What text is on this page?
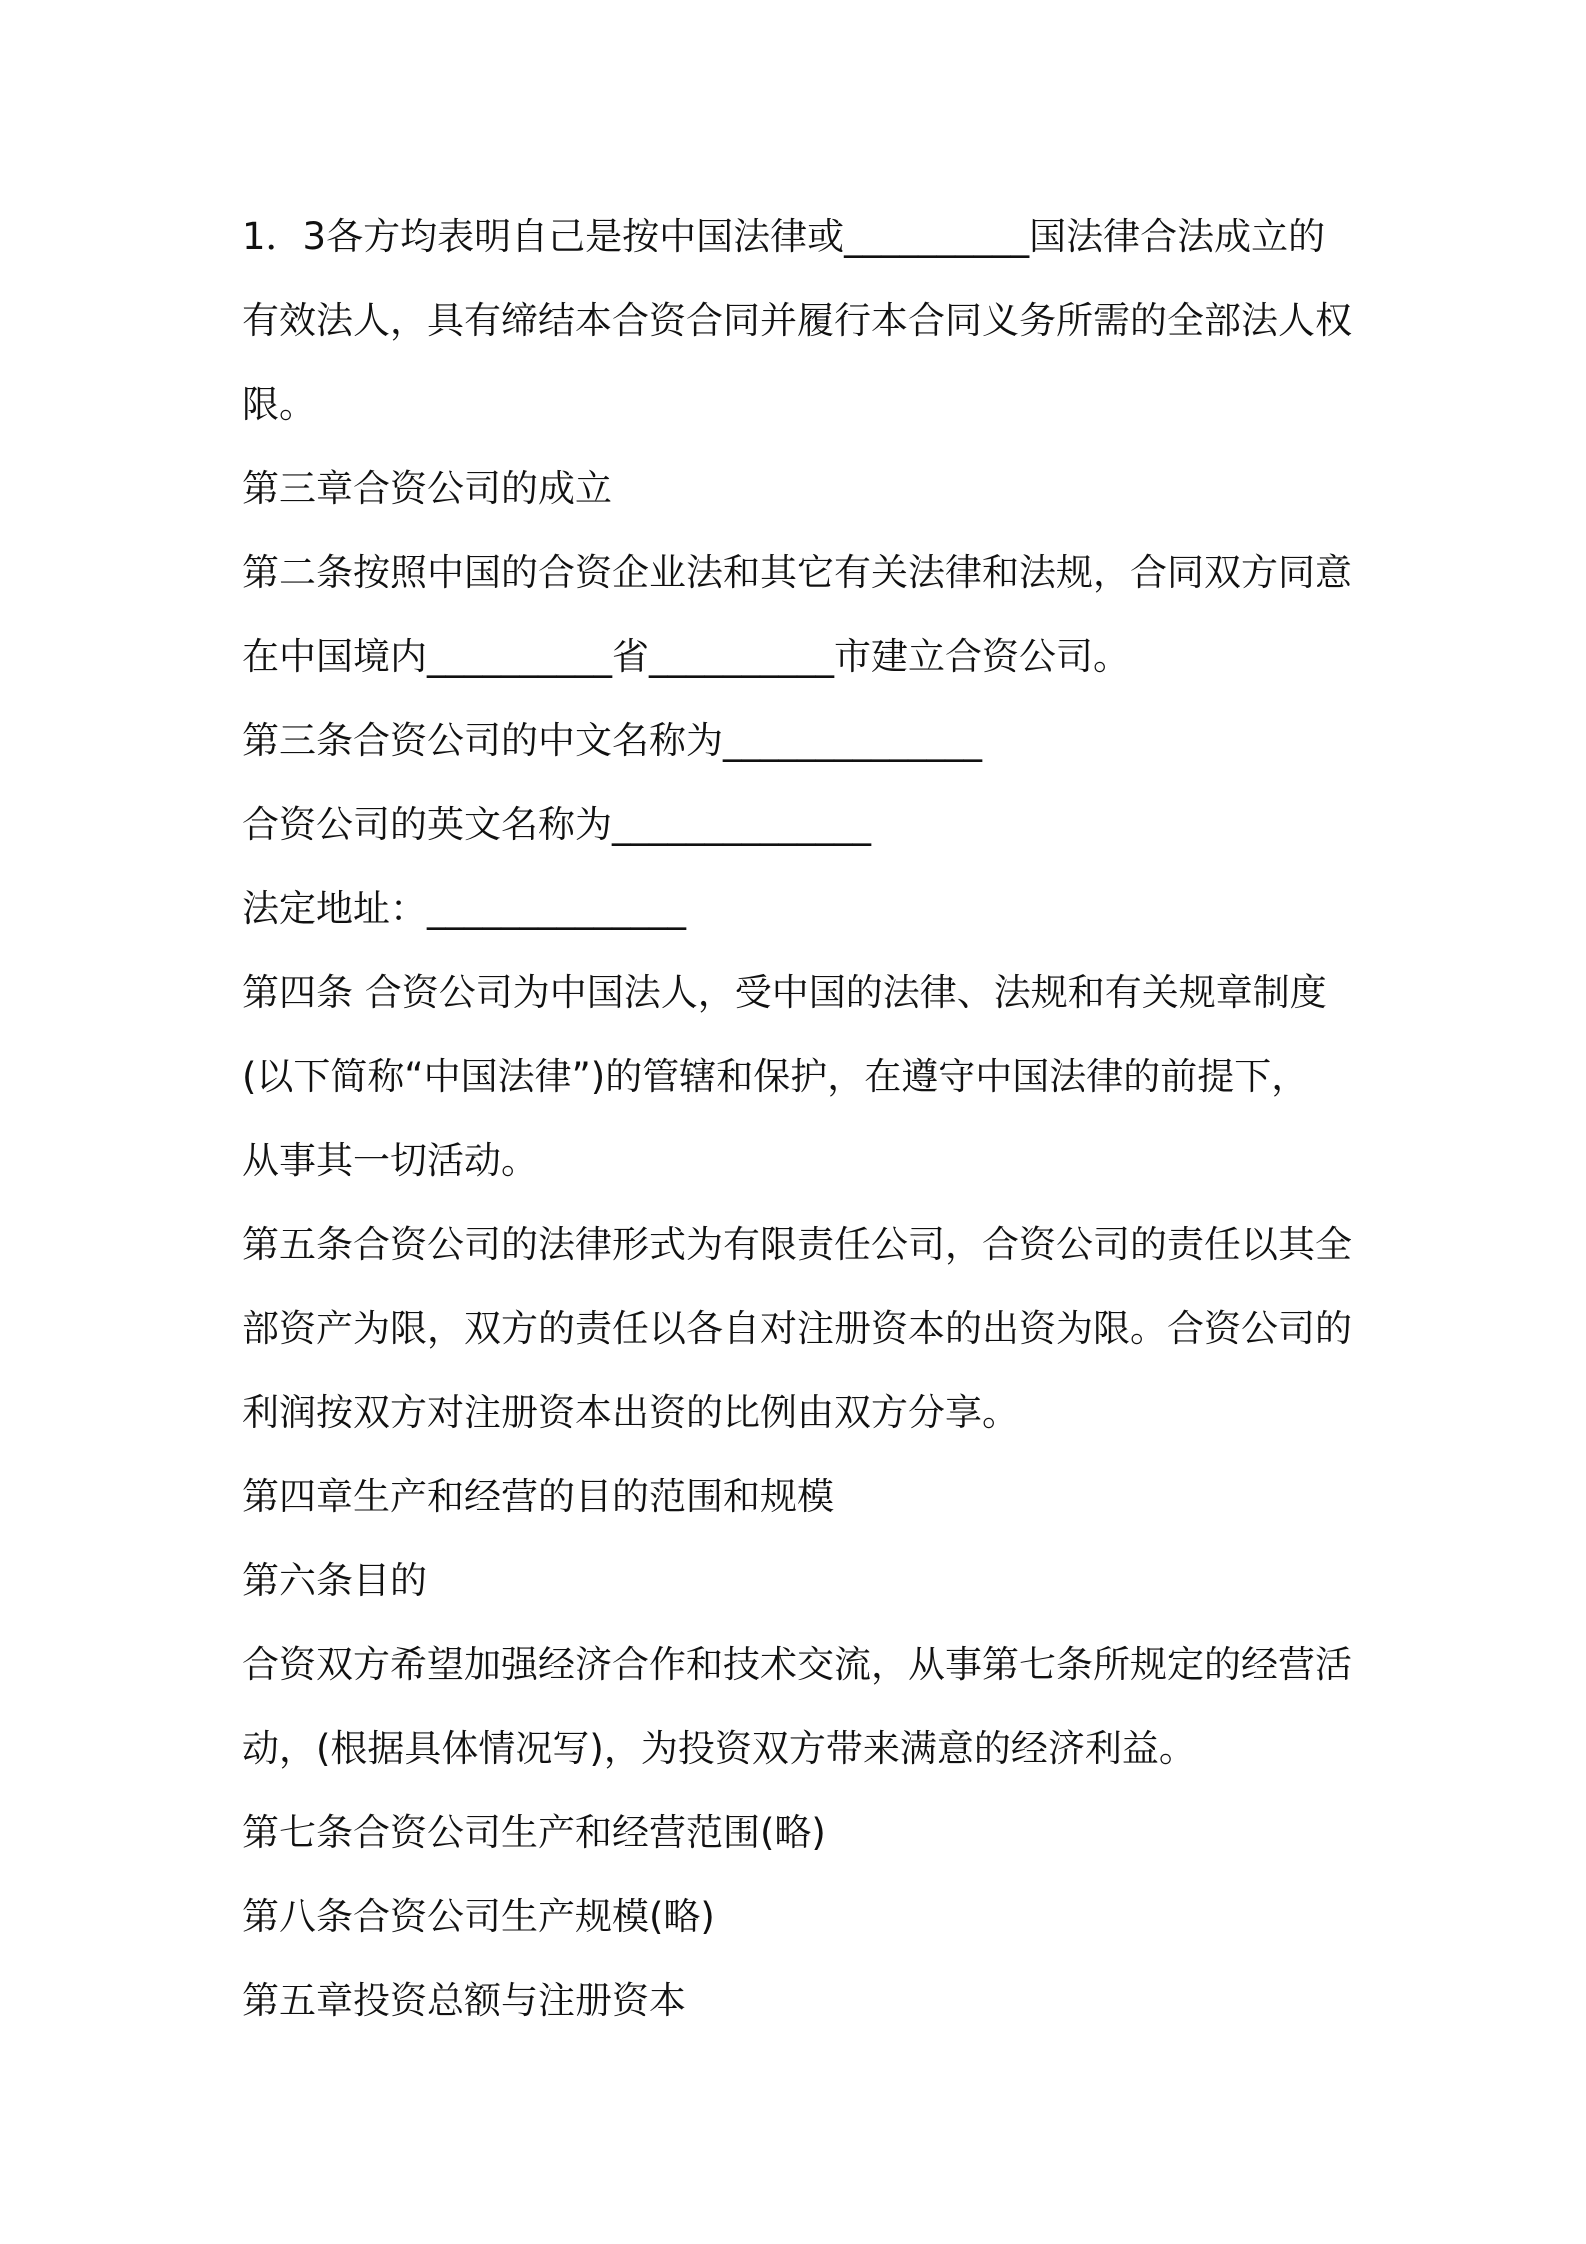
1．3各方均表明自己是按中国法律或__________国法律合法成立的

有效法人，具有缔结本合资合同并履行本合同义务所需的全部法人权

限。

第三章合资公司的成立

第二条按照中国的合资企业法和其它有关法律和法规，合同双方同意

在中国境内__________省__________市建立合资公司。

第三条合资公司的中文名称为______________

合资公司的英文名称为______________

法定地址：______________

第四条 合资公司为中国法人，受中国的法律、法规和有关规章制度

(以下简称“中国法律”)的管辖和保护，在遵守中国法律的前提下，

从事其一切活动。

第五条合资公司的法律形式为有限责任公司，合资公司的责任以其全

部资产为限，双方的责任以各自对注册资本的出资为限。合资公司的

利润按双方对注册资本出资的比例由双方分享。

第四章生产和经营的目的范围和规模

第六条目的

合资双方希望加强经济合作和技术交流，从事第七条所规定的经营活

动，(根据具体情况写)，为投资双方带来满意的经济利益。

第七条合资公司生产和经营范围(略)

第八条合资公司生产规模(略)

第五章投资总额与注册资本
